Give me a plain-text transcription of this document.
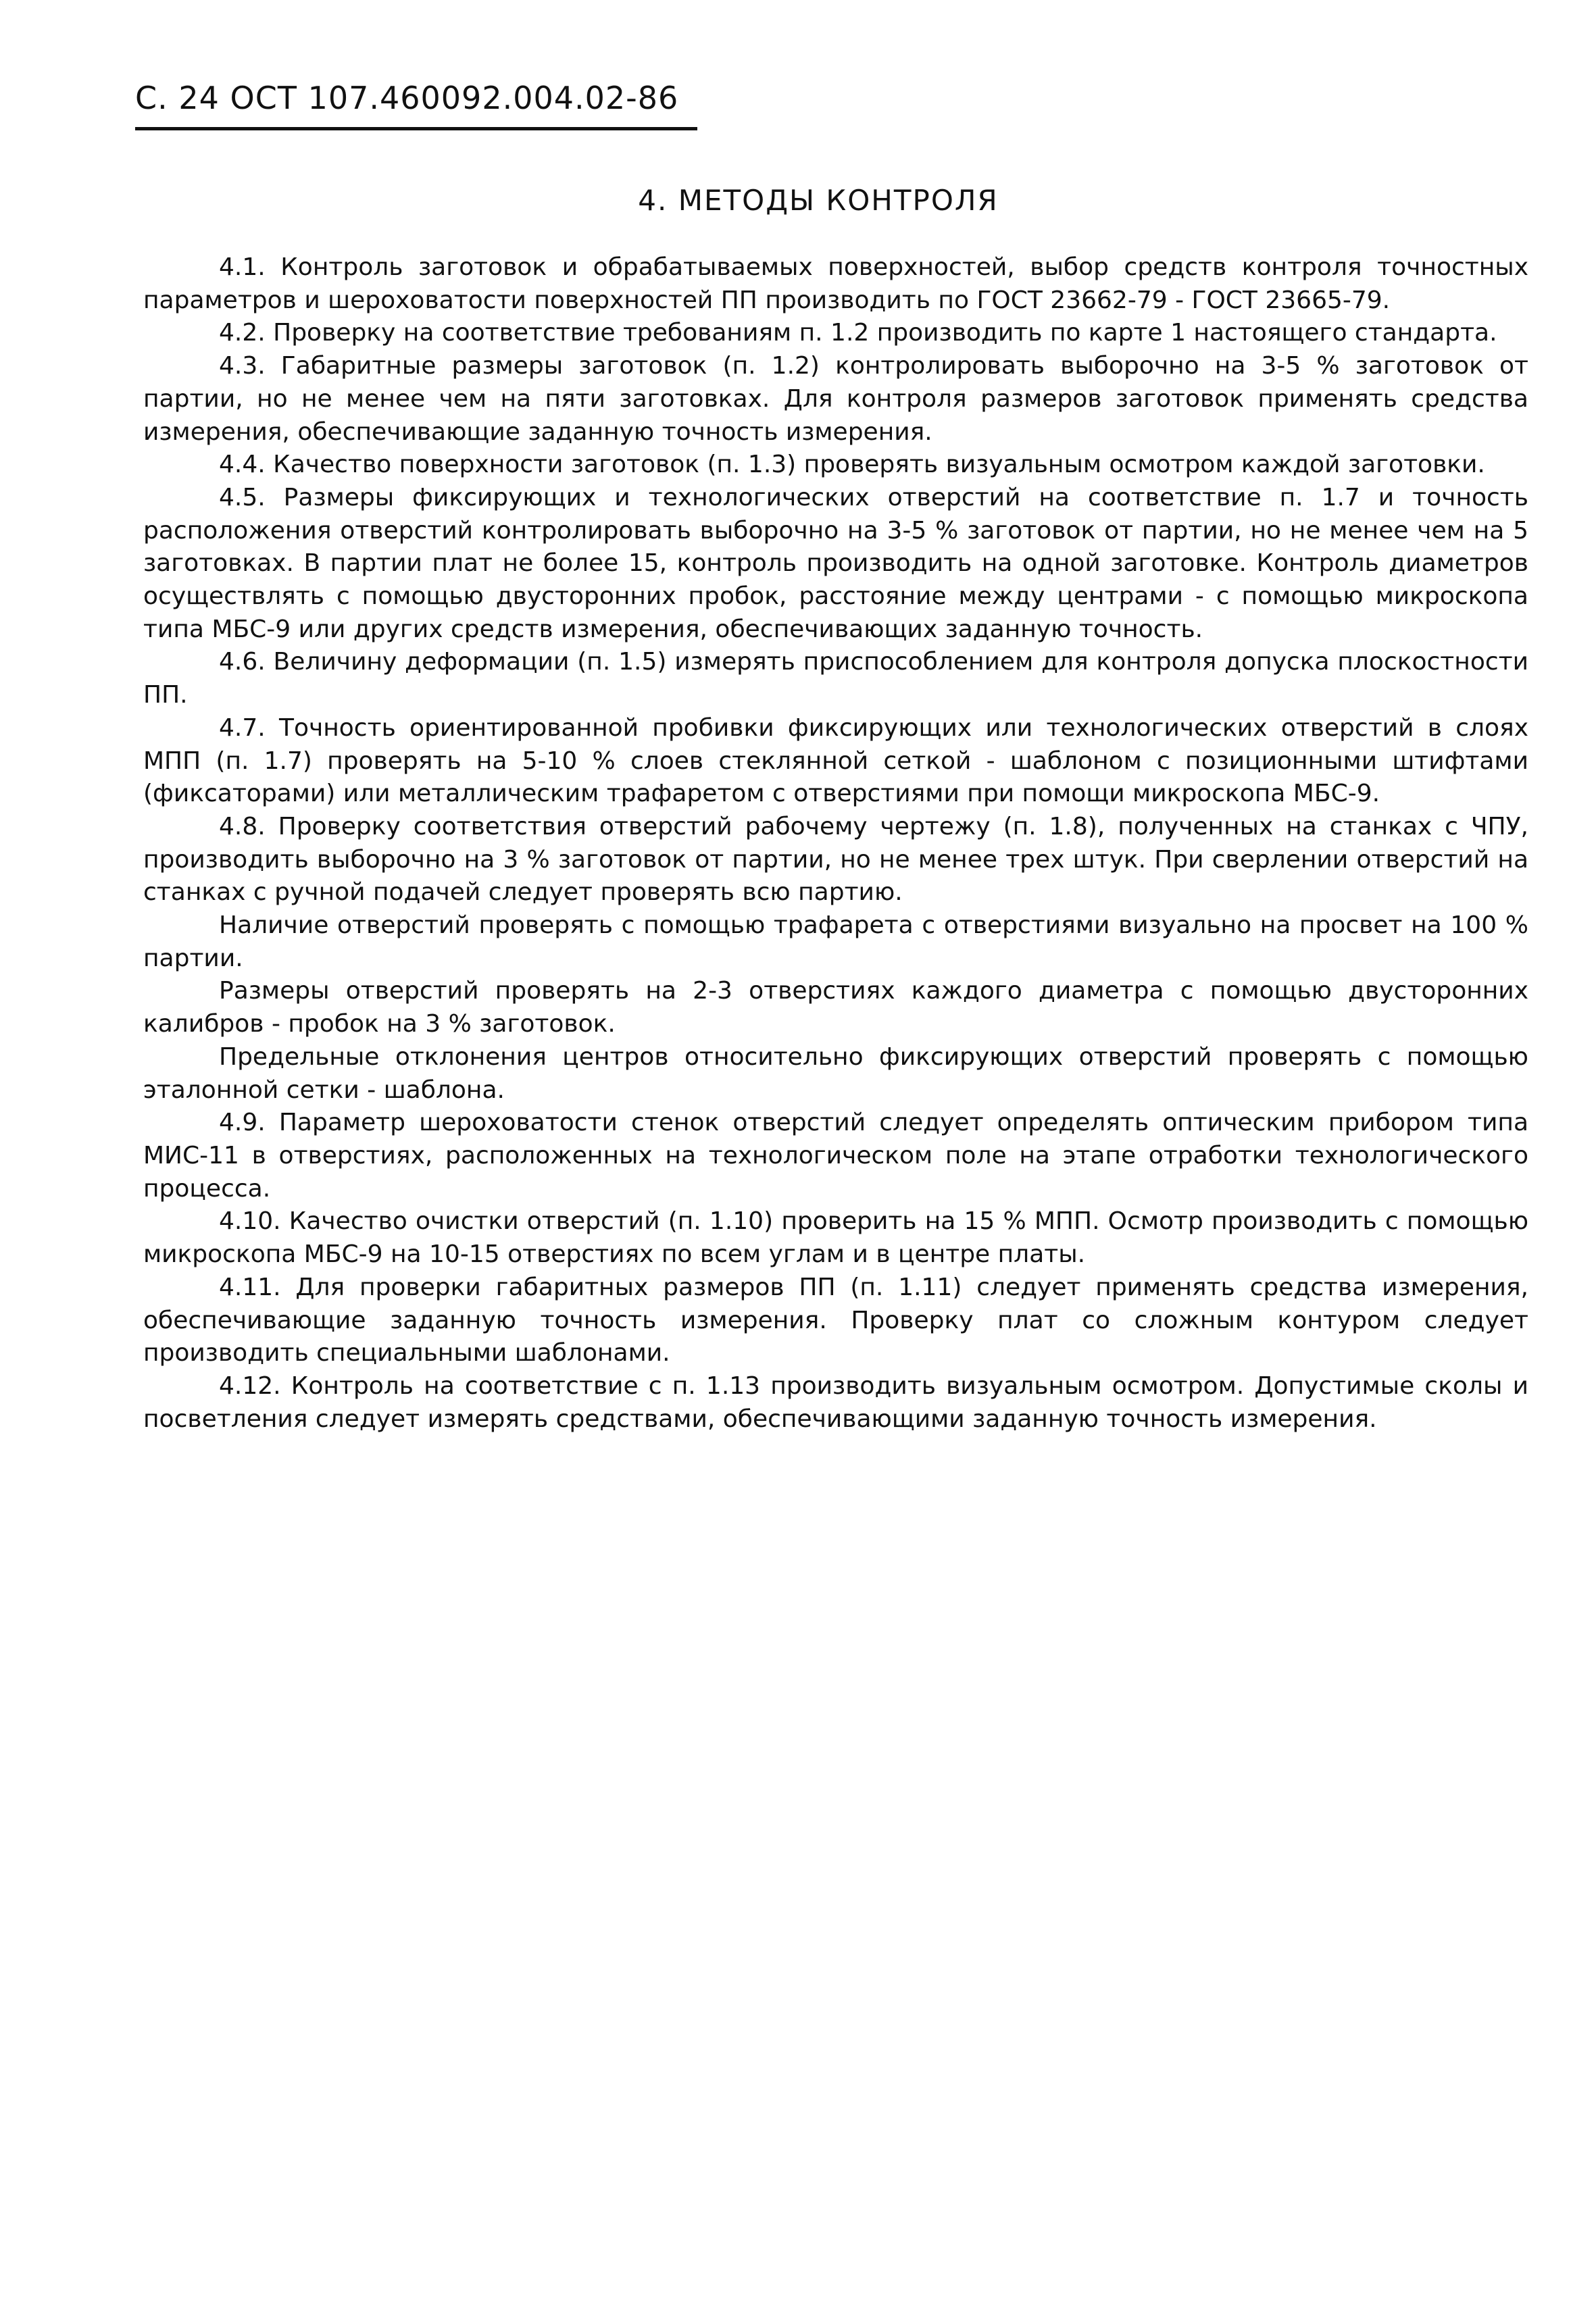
С. 24 ОСТ 107.460092.004.02-86
4. МЕТОДЫ КОНТРОЛЯ

4.1. Контроль заготовок и обрабатываемых поверхностей, выбор средств контроля точностных параметров и шероховатости поверхностей ПП производить по ГОСТ 23662-79 - ГОСТ 23665-79.

4.2. Проверку на соответствие требованиям п. 1.2 производить по карте 1 настоящего стандарта.

4.3. Габаритные размеры заготовок (п. 1.2) контролировать выборочно на 3-5 % заготовок от партии, но не менее чем на пяти заготовках. Для контроля размеров заготовок применять средства измерения, обеспечивающие заданную точность измерения.

4.4. Качество поверхности заготовок (п. 1.3) проверять визуальным осмотром каждой заготовки.

4.5. Размеры фиксирующих и технологических отверстий на соответствие п. 1.7 и точность расположения отверстий контролировать выборочно на 3-5 % заготовок от партии, но не менее чем на 5 заготовках. В партии плат не более 15, контроль производить на одной заготовке. Контроль диаметров осуществлять с помощью двусторонних пробок, расстояние между центрами - с помощью микроскопа типа МБС-9 или других средств измерения, обеспечивающих заданную точность.

4.6. Величину деформации (п. 1.5) измерять приспособлением для контроля допуска плоскостности ПП.

4.7. Точность ориентированной пробивки фиксирующих или технологических отверстий в слоях МПП (п. 1.7) проверять на 5-10 % слоев стеклянной сеткой - шаблоном с позиционными штифтами (фиксаторами) или металлическим трафаретом с отверстиями при помощи микроскопа МБС-9.

4.8. Проверку соответствия отверстий рабочему чертежу (п. 1.8), полученных на станках с ЧПУ, производить выборочно на 3 % заготовок от партии, но не менее трех штук. При сверлении отверстий на станках с ручной подачей следует проверять всю партию.

Наличие отверстий проверять с помощью трафарета с отверстиями визуально на просвет на 100 % партии.

Размеры отверстий проверять на 2-3 отверстиях каждого диаметра с помощью двусторонних калибров - пробок на 3 % заготовок.

Предельные отклонения центров относительно фиксирующих отверстий проверять с помощью эталонной сетки - шаблона.

4.9. Параметр шероховатости стенок отверстий следует определять оптическим прибором типа МИС-11 в отверстиях, расположенных на технологическом поле на этапе отработки технологического процесса.

4.10. Качество очистки отверстий (п. 1.10) проверить на 15 % МПП. Осмотр производить с помощью микроскопа МБС-9 на 10-15 отверстиях по всем углам и в центре платы.

4.11. Для проверки габаритных размеров ПП (п. 1.11) следует применять средства измерения, обеспечивающие заданную точность измерения. Проверку плат со сложным контуром следует производить специальными шаблонами.

4.12. Контроль на соответствие с п. 1.13 производить визуальным осмотром. Допустимые сколы и посветления следует измерять средствами, обеспечивающими заданную точность измерения.
